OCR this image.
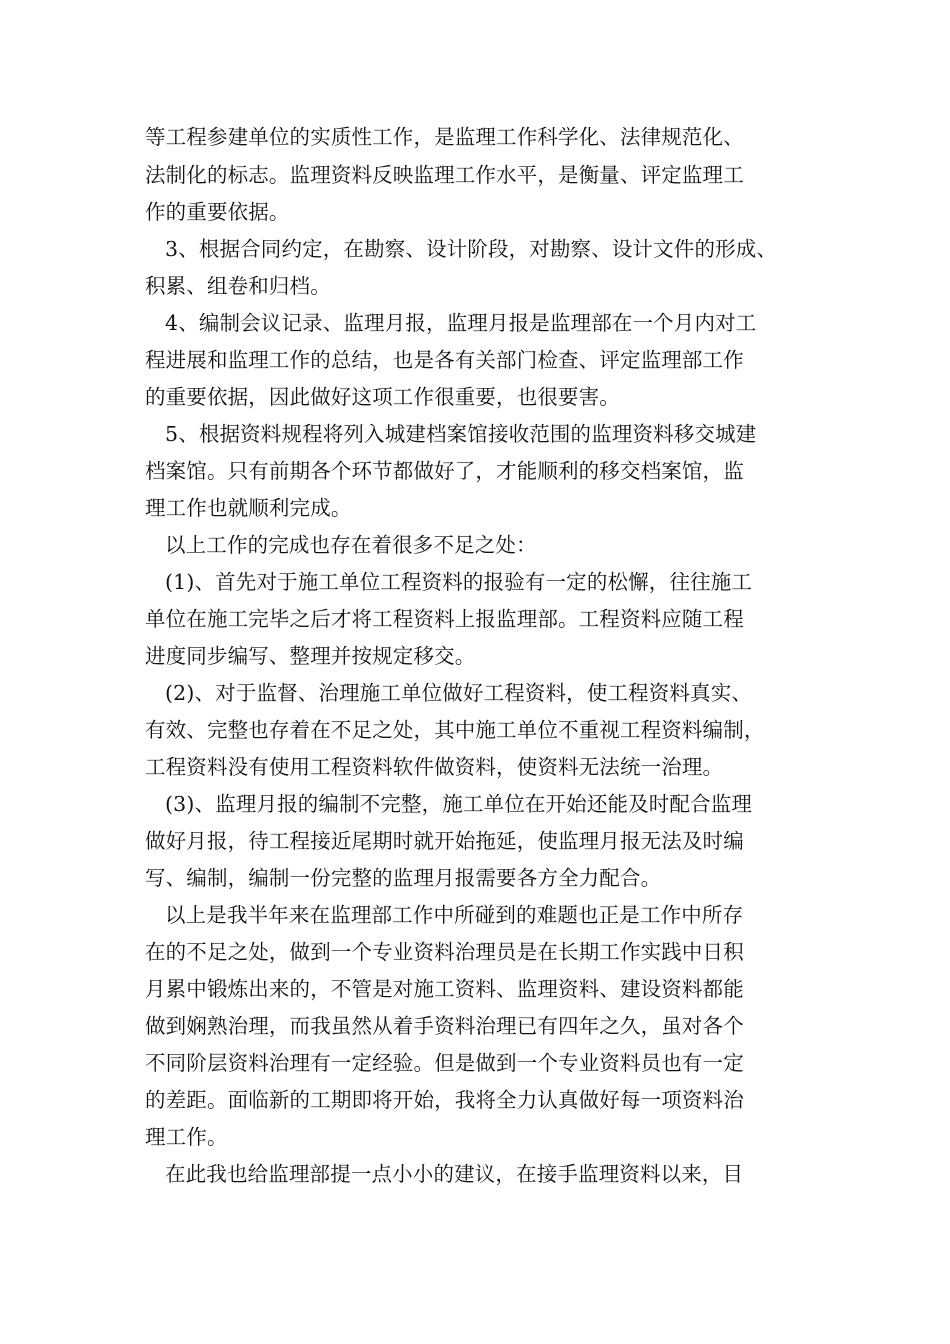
等工程参建单位的实质性工作，是监理工作科学化、法律规范化、
法制化的标志。监理资料反映监理工作水平，是衡量、评定监理工
作的重要依据。
3、根据合同约定，在勘察、设计阶段，对勘察、设计文件的形成、
积累、组卷和归档。
4、编制会议记录、监理月报，监理月报是监理部在一个月内对工
程进展和监理工作的总结，也是各有关部门检查、评定监理部工作
的重要依据，因此做好这项工作很重要，也很要害。
5、根据资料规程将列入城建档案馆接收范围的监理资料移交城建
档案馆。只有前期各个环节都做好了，才能顺利的移交档案馆，监
理工作也就顺利完成。
以上工作的完成也存在着很多不足之处：
(1)、首先对于施工单位工程资料的报验有一定的松懈，往往施工
单位在施工完毕之后才将工程资料上报监理部。工程资料应随工程
进度同步编写、整理并按规定移交。
(2)、对于监督、治理施工单位做好工程资料，使工程资料真实、
有效、完整也存着在不足之处，其中施工单位不重视工程资料编制，
工程资料没有使用工程资料软件做资料，使资料无法统一治理。
(3)、监理月报的编制不完整，施工单位在开始还能及时配合监理
做好月报，待工程接近尾期时就开始拖延，使监理月报无法及时编
写、编制，编制一份完整的监理月报需要各方全力配合。
以上是我半年来在监理部工作中所碰到的难题也正是工作中所存
在的不足之处，做到一个专业资料治理员是在长期工作实践中日积
月累中锻炼出来的，不管是对施工资料、监理资料、建设资料都能
做到娴熟治理，而我虽然从着手资料治理已有四年之久，虽对各个
不同阶层资料治理有一定经验。但是做到一个专业资料员也有一定
的差距。面临新的工期即将开始，我将全力认真做好每一项资料治
理工作。
在此我也给监理部提一点小小的建议，在接手监理资料以来，目
